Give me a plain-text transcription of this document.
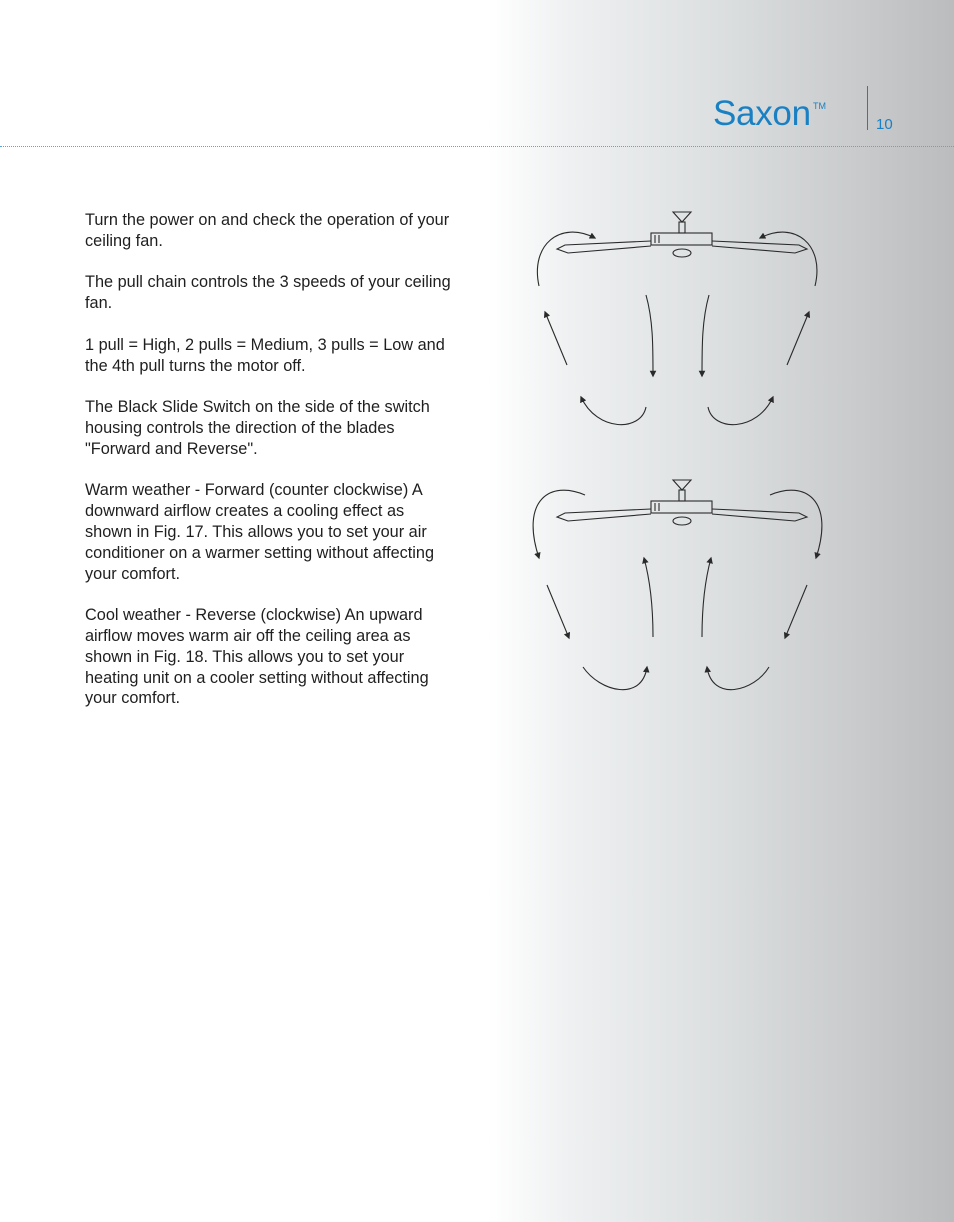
Saxon TM
10

Turn the power on and check the operation of your ceiling fan.

The pull chain controls the 3 speeds of your ceiling fan.

1 pull = High, 2 pulls = Medium, 3 pulls = Low and the 4th pull turns the motor off.

The Black Slide Switch on the side of the switch housing controls the direction of the blades "Forward and Reverse".

Warm weather - Forward (counter clockwise) A downward airflow creates a cooling effect as shown in Fig. 17. This allows you to set your air conditioner on a warmer setting without affecting your comfort.

Cool weather - Reverse (clockwise) An upward airflow moves warm air off the ceiling area as shown in Fig. 18. This allows you to set your heating unit on a cooler setting without affecting your comfort.
